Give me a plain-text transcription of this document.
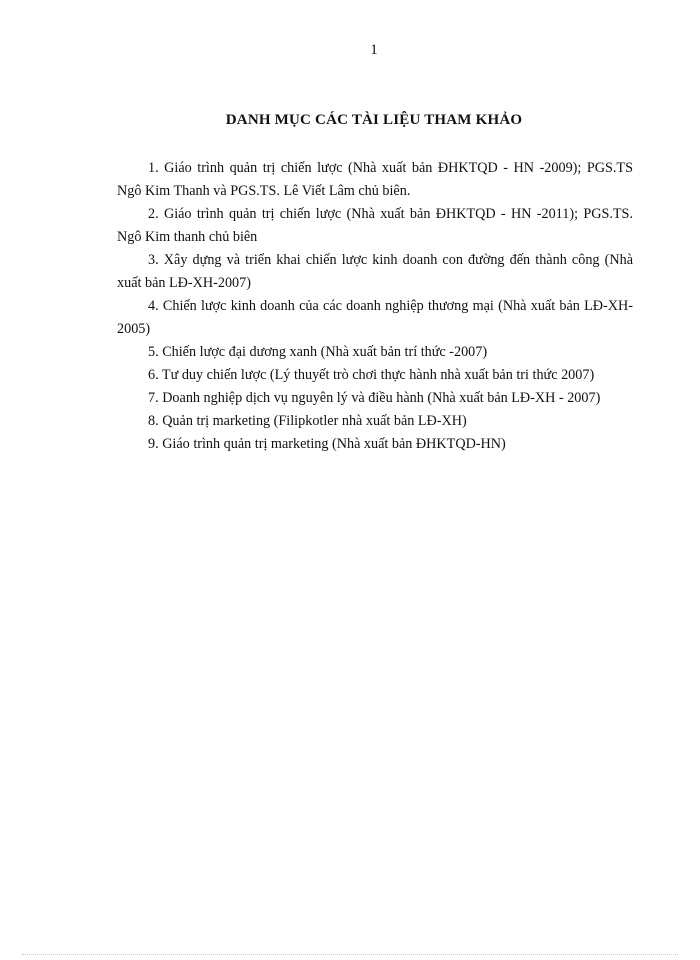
1
DANH MỤC CÁC TÀI LIỆU THAM KHẢO
1. Giáo trình quản trị chiến lược (Nhà xuất bản ĐHKTQD - HN -2009); PGS.TS Ngô Kim Thanh và PGS.TS. Lê Viết Lâm chủ biên.
2. Giáo trình quản trị chiến lược (Nhà xuất bản ĐHKTQD - HN -2011); PGS.TS. Ngô Kim thanh chủ biên
3. Xây dựng và triển khai chiến lược kinh doanh con đường đến thành công (Nhà xuất bản LĐ-XH-2007)
4. Chiến lược kinh doanh của các doanh nghiệp thương mại (Nhà xuất bản LĐ-XH-2005)
5. Chiến lược đại dương xanh (Nhà xuất bản trí thức -2007)
6. Tư duy chiến lược (Lý thuyết trò chơi thực hành nhà xuất bản tri thức 2007)
7. Doanh nghiệp dịch vụ nguyên lý và điều hành (Nhà xuất bản LĐ-XH - 2007)
8. Quản trị marketing (Filipkotler nhà xuất bản LĐ-XH)
9. Giáo trình quản trị marketing (Nhà xuất bản ĐHKTQD-HN)
